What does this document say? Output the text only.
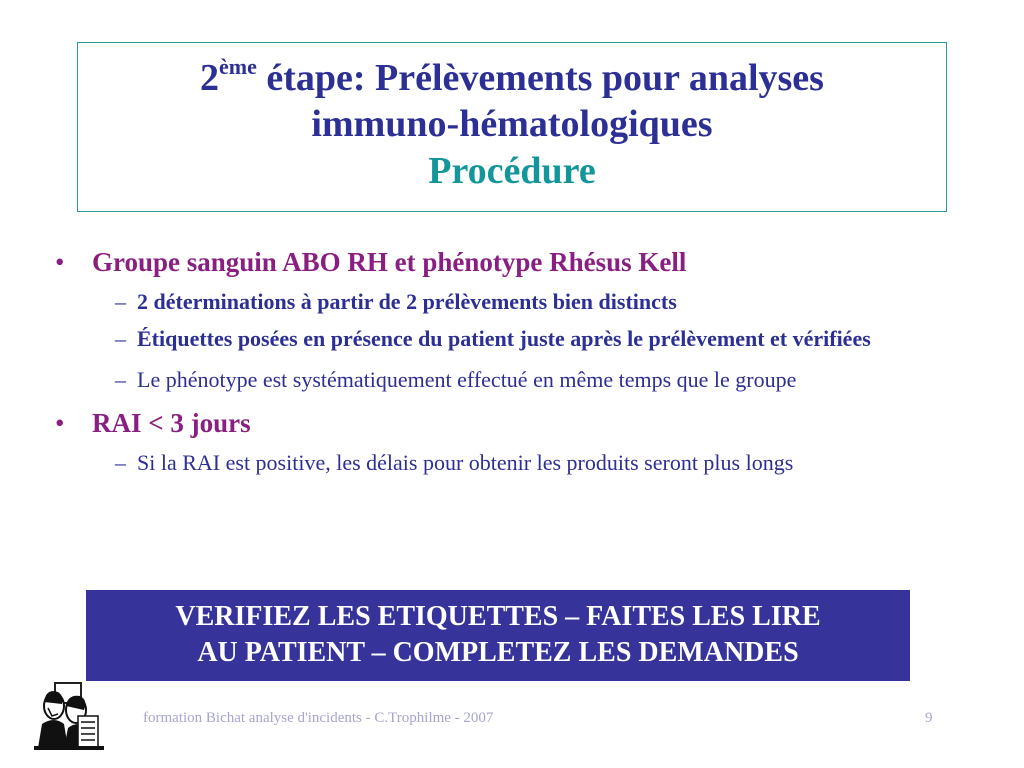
2ème étape: Prélèvements pour analyses
immuno-hématologiques
Procédure
• Groupe sanguin ABO RH et phénotype Rhésus Kell
– 2 déterminations à partir de 2 prélèvements bien distincts
– Étiquettes posées en présence du patient juste après le prélèvement et vérifiées
– Le phénotype est systématiquement effectué en même temps que le groupe
• RAI < 3 jours
– Si la RAI est positive, les délais pour obtenir les produits seront plus longs
VERIFIEZ LES ETIQUETTES – FAITES LES LIRE
AU PATIENT – COMPLETEZ LES DEMANDES
formation Bichat analyse d'incidents - C.Trophilme - 2007	9
